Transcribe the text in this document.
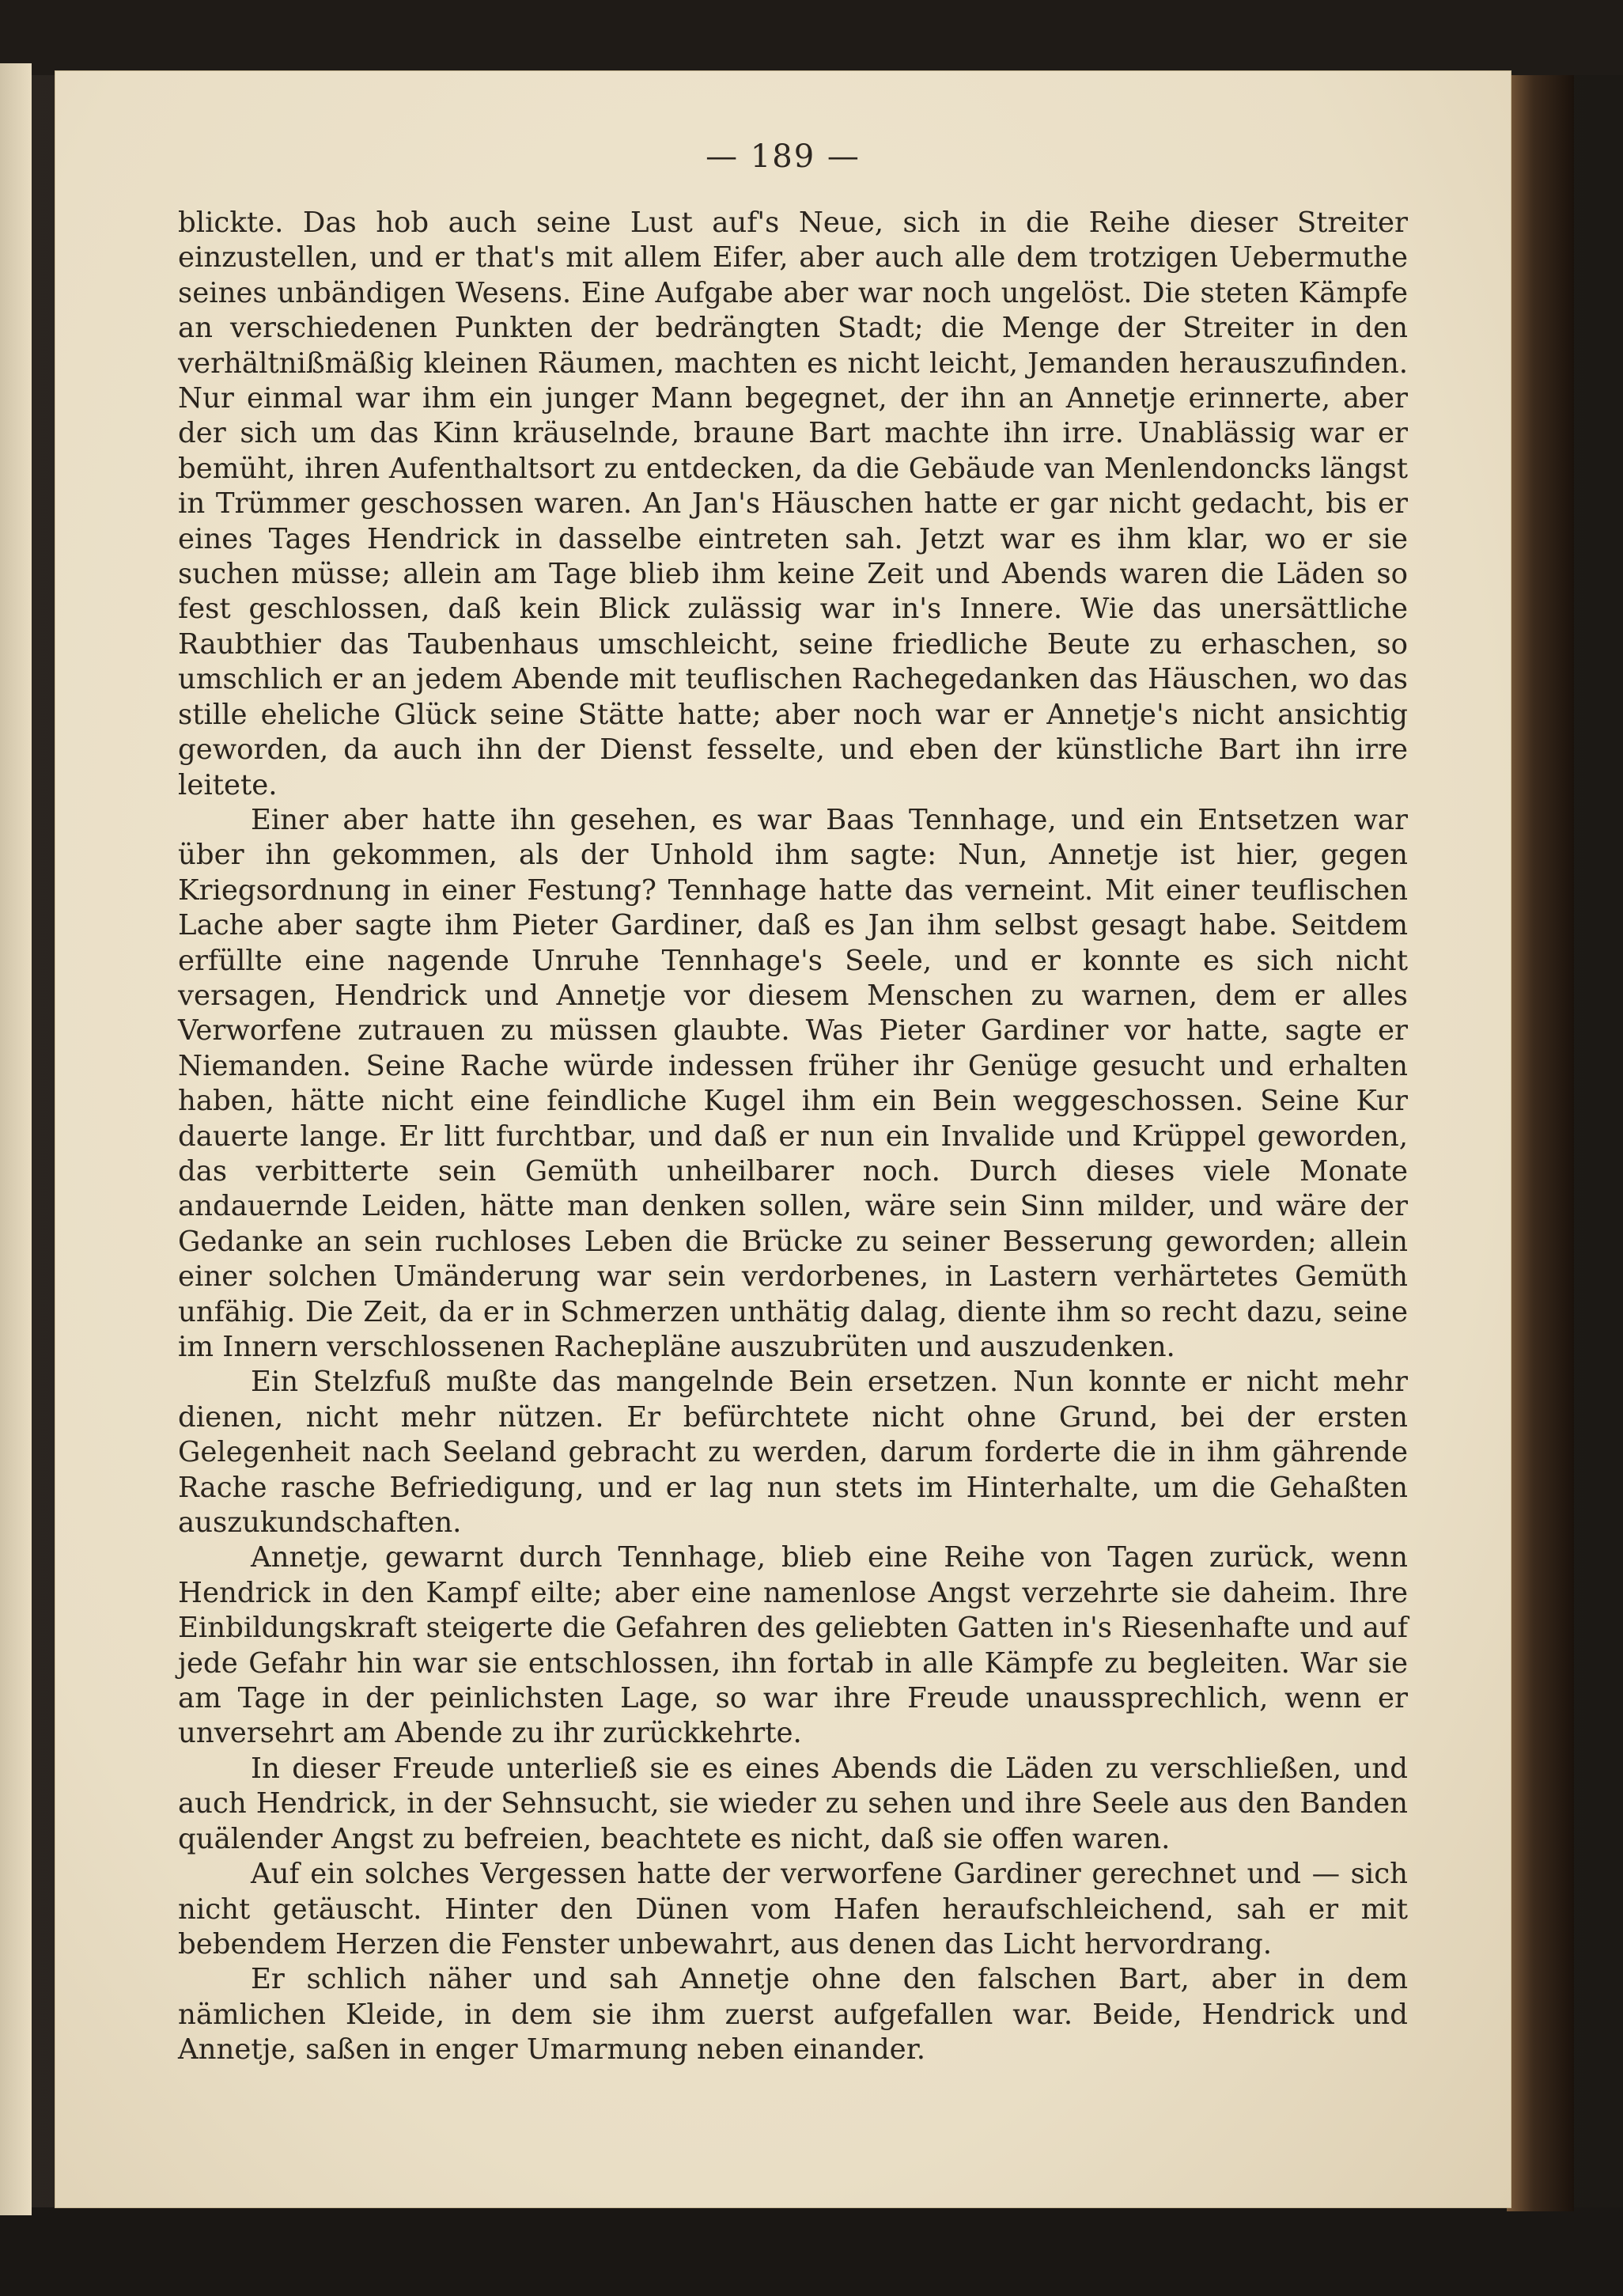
— 189 —

blickte. Das hob auch seine Lust auf's Neue, sich in die Reihe dieser Streiter einzustellen, und er that's mit allem Eifer, aber auch alle dem trotzigen Uebermuthe seines unbändigen Wesens. Eine Aufgabe aber war noch ungelöst. Die steten Kämpfe an verschiedenen Punkten der bedrängten Stadt; die Menge der Streiter in den verhältnißmäßig kleinen Räumen, machten es nicht leicht, Jemanden herauszufinden. Nur einmal war ihm ein junger Mann begegnet, der ihn an Annetje erinnerte, aber der sich um das Kinn kräuselnde, braune Bart machte ihn irre. Unablässig war er bemüht, ihren Aufenthaltsort zu entdecken, da die Gebäude van Menlendoncks längst in Trümmer geschossen waren. An Jan's Häuschen hatte er gar nicht gedacht, bis er eines Tages Hendrick in dasselbe eintreten sah. Jetzt war es ihm klar, wo er sie suchen müsse; allein am Tage blieb ihm keine Zeit und Abends waren die Läden so fest geschlossen, daß kein Blick zulässig war in's Innere. Wie das unersättliche Raubthier das Taubenhaus umschleicht, seine friedliche Beute zu erhaschen, so umschlich er an jedem Abende mit teuflischen Rachegedanken das Häuschen, wo das stille eheliche Glück seine Stätte hatte; aber noch war er Annetje's nicht ansichtig geworden, da auch ihn der Dienst fesselte, und eben der künstliche Bart ihn irre leitete.

Einer aber hatte ihn gesehen, es war Baas Tennhage, und ein Entsetzen war über ihn gekommen, als der Unhold ihm sagte: Nun, Annetje ist hier, gegen Kriegsordnung in einer Festung? Tennhage hatte das verneint. Mit einer teuflischen Lache aber sagte ihm Pieter Gardiner, daß es Jan ihm selbst gesagt habe. Seitdem erfüllte eine nagende Unruhe Tennhage's Seele, und er konnte es sich nicht versagen, Hendrick und Annetje vor diesem Menschen zu warnen, dem er alles Verworfene zutrauen zu müssen glaubte. Was Pieter Gardiner vor hatte, sagte er Niemanden. Seine Rache würde indessen früher ihr Genüge gesucht und erhalten haben, hätte nicht eine feindliche Kugel ihm ein Bein weggeschossen. Seine Kur dauerte lange. Er litt furchtbar, und daß er nun ein Invalide und Krüppel geworden, das verbitterte sein Gemüth unheilbarer noch. Durch dieses viele Monate andauernde Leiden, hätte man denken sollen, wäre sein Sinn milder, und wäre der Gedanke an sein ruchloses Leben die Brücke zu seiner Besserung geworden; allein einer solchen Umänderung war sein verdorbenes, in Lastern verhärtetes Gemüth unfähig. Die Zeit, da er in Schmerzen unthätig dalag, diente ihm so recht dazu, seine im Innern verschlossenen Rachepläne auszubrüten und auszudenken.

Ein Stelzfuß mußte das mangelnde Bein ersetzen. Nun konnte er nicht mehr dienen, nicht mehr nützen. Er befürchtete nicht ohne Grund, bei der ersten Gelegenheit nach Seeland gebracht zu werden, darum forderte die in ihm gährende Rache rasche Befriedigung, und er lag nun stets im Hinterhalte, um die Gehaßten auszukundschaften.

Annetje, gewarnt durch Tennhage, blieb eine Reihe von Tagen zurück, wenn Hendrick in den Kampf eilte; aber eine namenlose Angst verzehrte sie daheim. Ihre Einbildungskraft steigerte die Gefahren des geliebten Gatten in's Riesenhafte und auf jede Gefahr hin war sie entschlossen, ihn fortab in alle Kämpfe zu begleiten. War sie am Tage in der peinlichsten Lage, so war ihre Freude unaussprechlich, wenn er unversehrt am Abende zu ihr zurückkehrte.

In dieser Freude unterließ sie es eines Abends die Läden zu verschließen, und auch Hendrick, in der Sehnsucht, sie wieder zu sehen und ihre Seele aus den Banden quälender Angst zu befreien, beachtete es nicht, daß sie offen waren.

Auf ein solches Vergessen hatte der verworfene Gardiner gerechnet und — sich nicht getäuscht. Hinter den Dünen vom Hafen heraufschleichend, sah er mit bebendem Herzen die Fenster unbewahrt, aus denen das Licht hervordrang.

Er schlich näher und sah Annetje ohne den falschen Bart, aber in dem nämlichen Kleide, in dem sie ihm zuerst aufgefallen war. Beide, Hendrick und Annetje, saßen in enger Umarmung neben einander.
